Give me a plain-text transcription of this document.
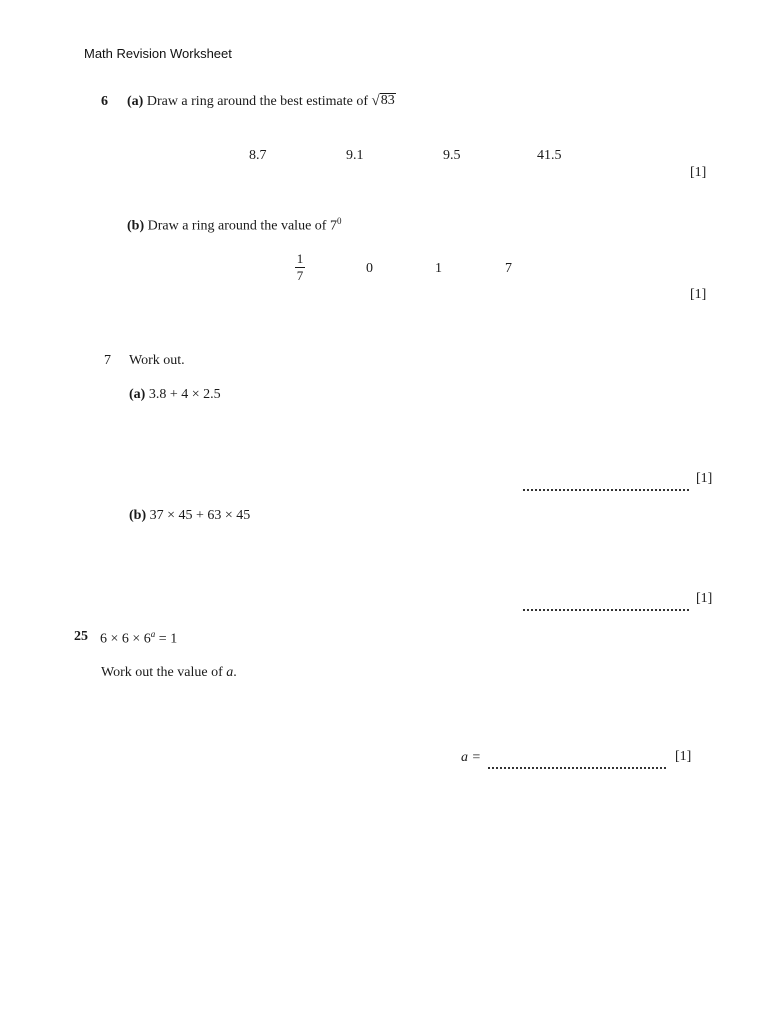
Math Revision Worksheet
6 (a) Draw a ring around the best estimate of √ 83
8.7	9.1	9.5	41.5
[1]
(b) Draw a ring around the value of $7^0$
1
7	0	1	7
[1]
7 Work out.
(a) 3.8 + 4 × 2.5
[1]
(b) 37 × 45 + 63 × 45
[1]
25 $6 \times 6 \times 6^a = 1$
Work out the value of a.
a =	[1]
